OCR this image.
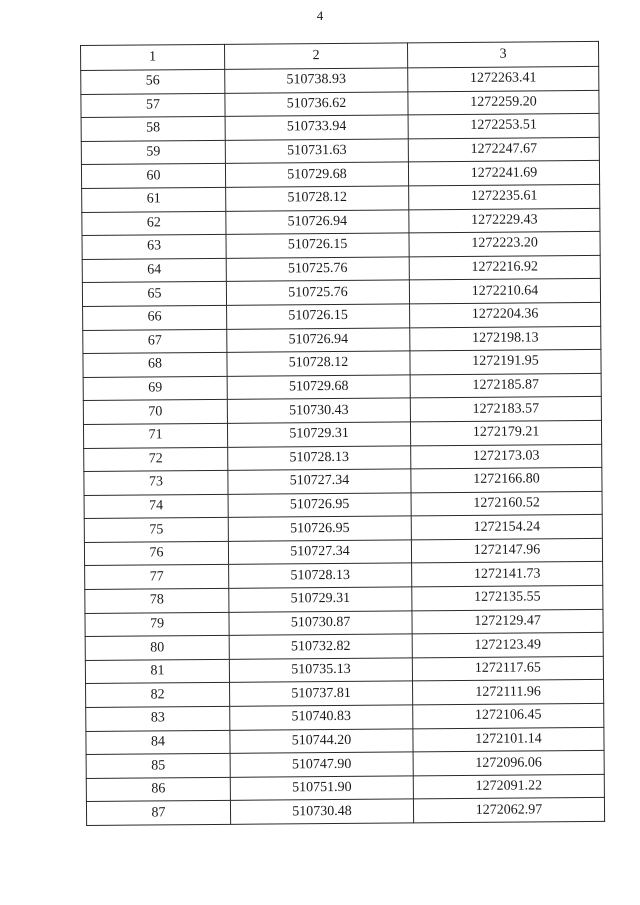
4
1	2	3
56	510738.93	1272263.41
57	510736.62	1272259.20
58	510733.94	1272253.51
59	510731.63	1272247.67
60	510729.68	1272241.69
61	510728.12	1272235.61
62	510726.94	1272229.43
63	510726.15	1272223.20
64	510725.76	1272216.92
65	510725.76	1272210.64
66	510726.15	1272204.36
67	510726.94	1272198.13
68	510728.12	1272191.95
69	510729.68	1272185.87
70	510730.43	1272183.57
71	510729.31	1272179.21
72	510728.13	1272173.03
73	510727.34	1272166.80
74	510726.95	1272160.52
75	510726.95	1272154.24
76	510727.34	1272147.96
77	510728.13	1272141.73
78	510729.31	1272135.55
79	510730.87	1272129.47
80	510732.82	1272123.49
81	510735.13	1272117.65
82	510737.81	1272111.96
83	510740.83	1272106.45
84	510744.20	1272101.14
85	510747.90	1272096.06
86	510751.90	1272091.22
87	510730.48	1272062.97
